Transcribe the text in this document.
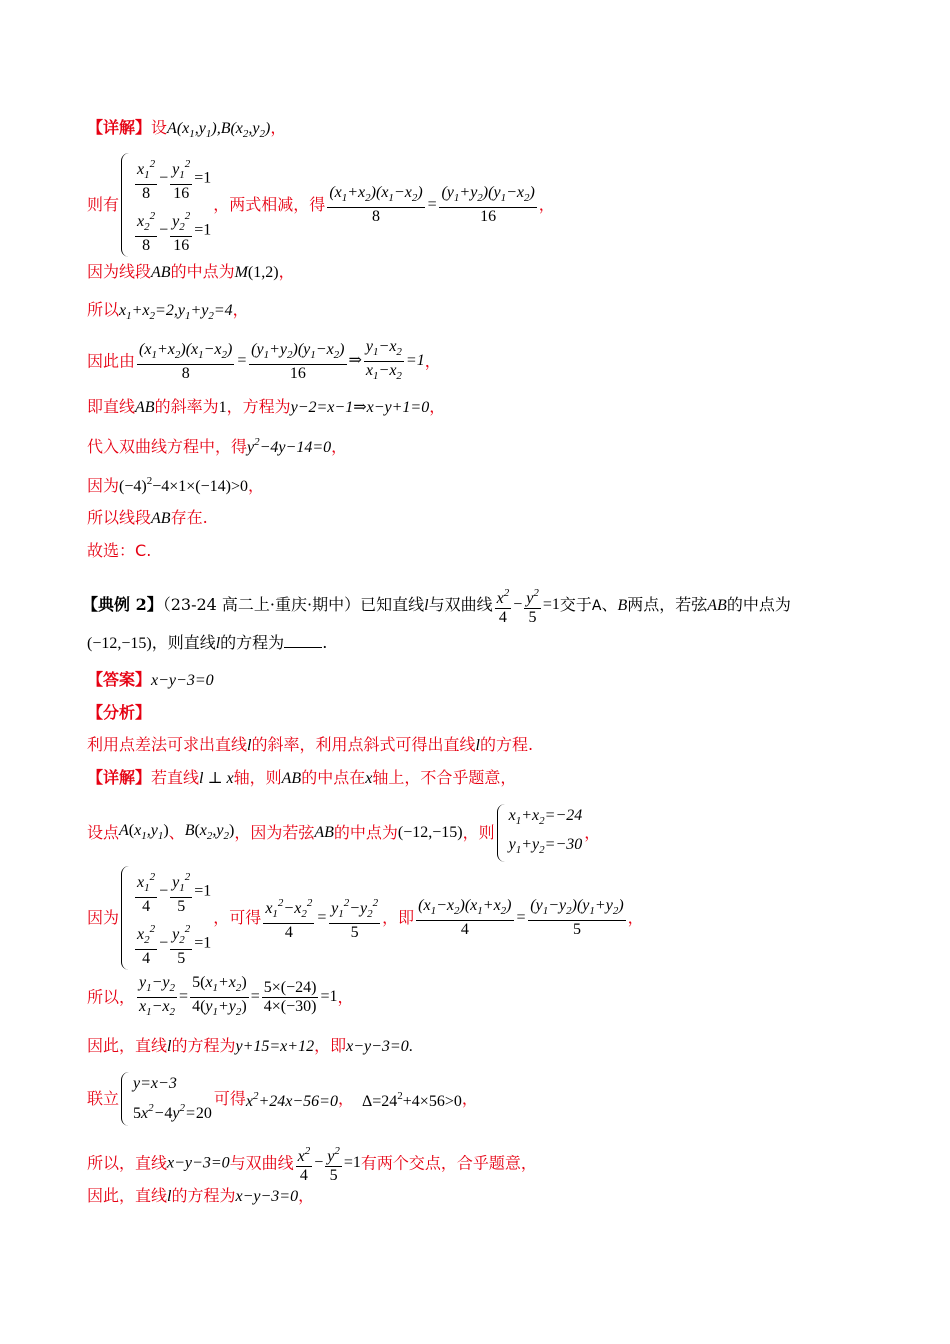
【详解】设$A(x_1,y_1),B(x_2,y_2)$，
则有
$\frac{x_1^2}{8} - \frac{y_1^2}{16} =1$
$\frac{x_2^2}{8} - \frac{y_2^2}{16} =1$
，两式相减，得 $\frac{(x_1+x_2)(x_1-x_2)}{8} = \frac{(y_1+y_2)(y_1-x_2)}{16}$ ，
因为线段AB的中点为M(1,2)，
所以$x_1+x_2=2,y_1+y_2=4$，
因此由 $\frac{(x_1+x_2)(x_1-x_2)}{8} = \frac{(y_1+y_2)(y_1-x_2)}{16}$ ⇒ $\frac{y_1-x_2}{x_1-x_2} =1$，
即直线AB的斜率为1，方程为y−2=x−1⇒x−y+1=0，
代入双曲线方程中，得$y^2-4y-14=0$，
因为$(-4)^2-4\times 1\times(-14)>0$，
所以线段AB存在.
故选：C.
【典例 2】（23-24 高二上·重庆·期中）已知直线l与双曲线 $\frac{x^2}{4} - \frac{y^2}{5} =1$交于A、B两点，若弦AB的中点为
(−12,−15)，则直线l的方程为 .
【答案】x−y−3=0
【分析】
利用点差法可求出直线l的斜率，利用点斜式可得出直线l的方程.
【详解】若直线l ⊥ x轴，则AB的中点在x轴上，不合乎题意，
设点$A(x_1,y_1)$、$B(x_2,y_2)$，因为若弦AB的中点为(−12,−15)，则
$x_1+x_2=-24$
$y_1+y_2=-30$
，
因为
$\frac{x_1^2}{4} - \frac{y_1^2}{5} =1$
$\frac{x_2^2}{4} - \frac{y_2^2}{5} =1$
，可得 $\frac{x_1^2-x_2^2}{4} = \frac{y_1^2-y_2^2}{5}$ ，即 $\frac{(x_1-x_2)(x_1+x_2)}{4} = \frac{(y_1-y_2)(y_1+y_2)}{5}$ ，
所以， $\frac{y_1-y_2}{x_1-x_2} = \frac{5(x_1+x_2)}{4(y_1+y_2)} = \frac{5\times(-24)}{4\times(-30)} =1$，
因此，直线l的方程为y+15=x+12，即x−y−3=0.
联立
y=x−3
$5x^2-4y^2=20$
可得$x^2+24x-56=0$， $\Delta=24^2+4\times 56>0$，
所以，直线x−y−3=0与双曲线 $\frac{x^2}{4} - \frac{y^2}{5} =1$有两个交点，合乎题意，
因此，直线l的方程为x−y−3=0，
